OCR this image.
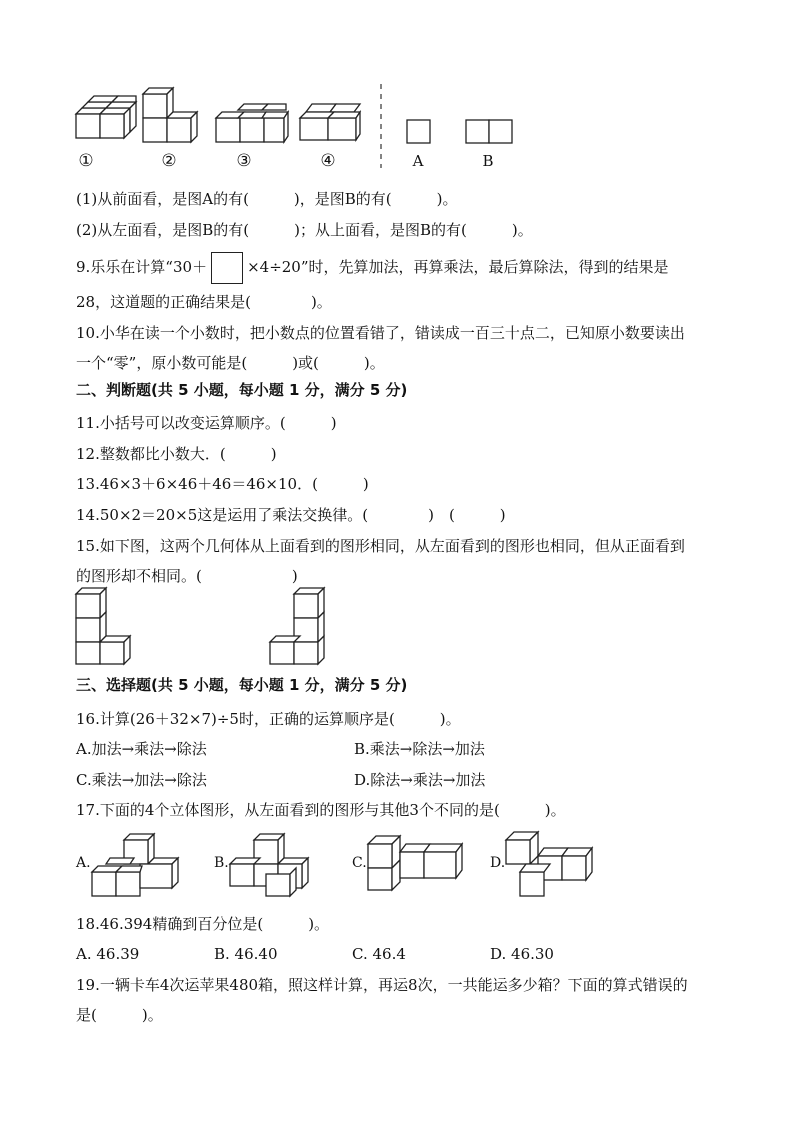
①	②	③	④	A	B
(1)从前面看，是图A的有(　　　)，是图B的有(　　　)。
(2)从左面看，是图B的有(　　　)；从上面看，是图B的有(　　　)。
9.乐乐在计算“30＋	×4÷20”时，先算加法，再算乘法，最后算除法，得到的结果是
28，这道题的正确结果是(　　　　)。
10.小华在读一个小数时，把小数点的位置看错了，错读成一百三十点二，已知原小数要读出
一个“零”，原小数可能是(　　　)或(　　　)。
二、判断题(共 5 小题，每小题 1 分，满分 5 分)
11.小括号可以改变运算顺序。(　　　)
12.整数都比小数大．(　　　)
13.46×3＋6×46＋46＝46×10．(　　　)
14.50×2＝20×5这是运用了乘法交换律。(　　　　)　(　　　)
15.如下图，这两个几何体从上面看到的图形相同，从左面看到的图形也相同，但从正面看到
的图形却不相同。(　　　　　　)
三、选择题(共 5 小题，每小题 1 分，满分 5 分)
16.计算(26＋32×7)÷5时，正确的运算顺序是(　　　)。
A.加法→乘法→除法	B.乘法→除法→加法
C.乘法→加法→除法	D.除法→乘法→加法
17.下面的4个立体图形，从左面看到的图形与其他3个不同的是(　　　)。
A.	B.	C.	D.
18.46.394精确到百分位是(　　　)。
A. 46.39	B. 46.40	C. 46.4	D. 46.30
19.一辆卡车4次运苹果480箱，照这样计算，再运8次，一共能运多少箱？下面的算式错误的
是(　　　)。
